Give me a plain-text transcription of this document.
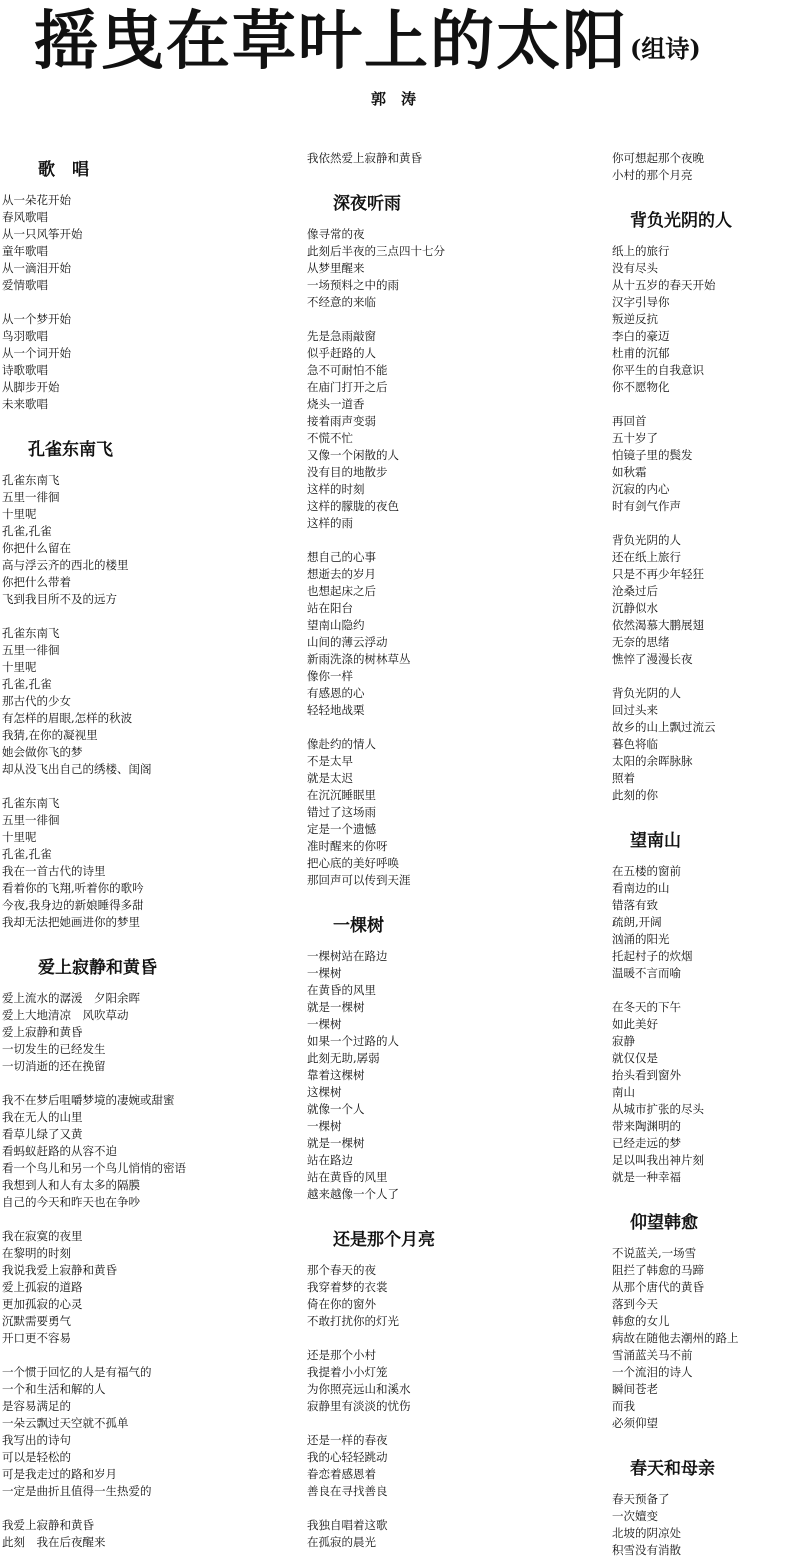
摇曳在草叶上的太阳$^{(组诗)}$
郭　涛
歌　唱
从一朵花开始
春风歌唱
从一只风筝开始
童年歌唱
从一滴泪开始
爱情歌唱
从一个梦开始
鸟羽歌唱
从一个词开始
诗歌歌唱
从脚步开始
未来歌唱
孔雀东南飞
孔雀东南飞
五里一徘徊
十里呢
孔雀,孔雀
你把什么留在
高与浮云齐的西北的楼里
你把什么带着
飞到我目所不及的远方
孔雀东南飞
五里一徘徊
十里呢
孔雀,孔雀
那古代的少女
有怎样的眉眼,怎样的秋波
我猜,在你的凝视里
她会做你飞的梦
却从没飞出自己的绣楼、闺阁
孔雀东南飞
五里一徘徊
十里呢
孔雀,孔雀
我在一首古代的诗里
看着你的飞翔,听着你的歌吟
今夜,我身边的新娘睡得多甜
我却无法把她画进你的梦里
爱上寂静和黄昏
爱上流水的潺湲　夕阳余晖
爱上大地清凉　风吹草动
爱上寂静和黄昏
一切发生的已经发生
一切消逝的还在挽留
我不在梦后咀嚼梦境的凄婉或甜蜜
我在无人的山里
看草儿绿了又黄
看蚂蚁赶路的从容不迫
看一个鸟儿和另一个鸟儿悄悄的密语
我想到人和人有太多的隔膜
自己的今天和昨天也在争吵
我在寂寞的夜里
在黎明的时刻
我说我爱上寂静和黄昏
爱上孤寂的道路
更加孤寂的心灵
沉默需要勇气
开口更不容易
一个惯于回忆的人是有福气的
一个和生活和解的人
是容易满足的
一朵云飘过天空就不孤单
我写出的诗句
可以是轻松的
可是我走过的路和岁月
一定是曲折且值得一生热爱的
我爱上寂静和黄昏
此刻　我在后夜醒来
我依然爱上寂静和黄昏
深夜听雨
像寻常的夜
此刻后半夜的三点四十七分
从梦里醒来
一场预料之中的雨
不经意的来临
先是急雨敲窗
似乎赶路的人
急不可耐怕不能
在庙门打开之后
烧头一道香
接着雨声变弱
不慌不忙
又像一个闲散的人
没有目的地散步
这样的时刻
这样的朦胧的夜色
这样的雨
想自己的心事
想逝去的岁月
也想起床之后
站在阳台
望南山隐约
山间的薄云浮动
新雨洗涤的树林草丛
像你一样
有感恩的心
轻轻地战栗
像赴约的情人
不是太早
就是太迟
在沉沉睡眠里
错过了这场雨
定是一个遗憾
准时醒来的你呀
把心底的美好呼唤
那回声可以传到天涯
一棵树
一棵树站在路边
一棵树
在黄昏的风里
就是一棵树
一棵树
如果一个过路的人
此刻无助,孱弱
靠着这棵树
这棵树
就像一个人
一棵树
就是一棵树
站在路边
站在黄昏的风里
越来越像一个人了
还是那个月亮
那个春天的夜
我穿着梦的衣裳
倚在你的窗外
不敢打扰你的灯光
还是那个小村
我提着小小灯笼
为你照亮远山和溪水
寂静里有淡淡的忧伤
还是一样的春夜
我的心轻轻跳动
眷恋着感恩着
善良在寻找善良
我独自唱着这歌
在孤寂的晨光
你可想起那个夜晚
小村的那个月亮
背负光阴的人
纸上的旅行
没有尽头
从十五岁的春天开始
汉字引导你
叛逆反抗
李白的豪迈
杜甫的沉郁
你平生的自我意识
你不愿物化
再回首
五十岁了
怕镜子里的鬓发
如秋霜
沉寂的内心
时有剑气作声
背负光阴的人
还在纸上旅行
只是不再少年轻狂
沧桑过后
沉静似水
依然渴慕大鹏展翅
无奈的思绪
憔悴了漫漫长夜
背负光阴的人
回过头来
故乡的山上飘过流云
暮色将临
太阳的余晖脉脉
照着
此刻的你
望南山
在五楼的窗前
看南边的山
错落有致
疏朗,开阔
汹涌的阳光
托起村子的炊烟
温暖不言而喻
在冬天的下午
如此美好
寂静
就仅仅是
抬头看到窗外
南山
从城市扩张的尽头
带来陶渊明的
已经走远的梦
足以叫我出神片刻
就是一种幸福
仰望韩愈
不说蓝关,一场雪
阻拦了韩愈的马蹄
从那个唐代的黄昏
落到今天
韩愈的女儿
病故在随他去潮州的路上
雪涌蓝关马不前
一个流泪的诗人
瞬间苍老
而我
必须仰望
春天和母亲
春天预备了
一次嬗变
北坡的阴凉处
积雪没有消散
